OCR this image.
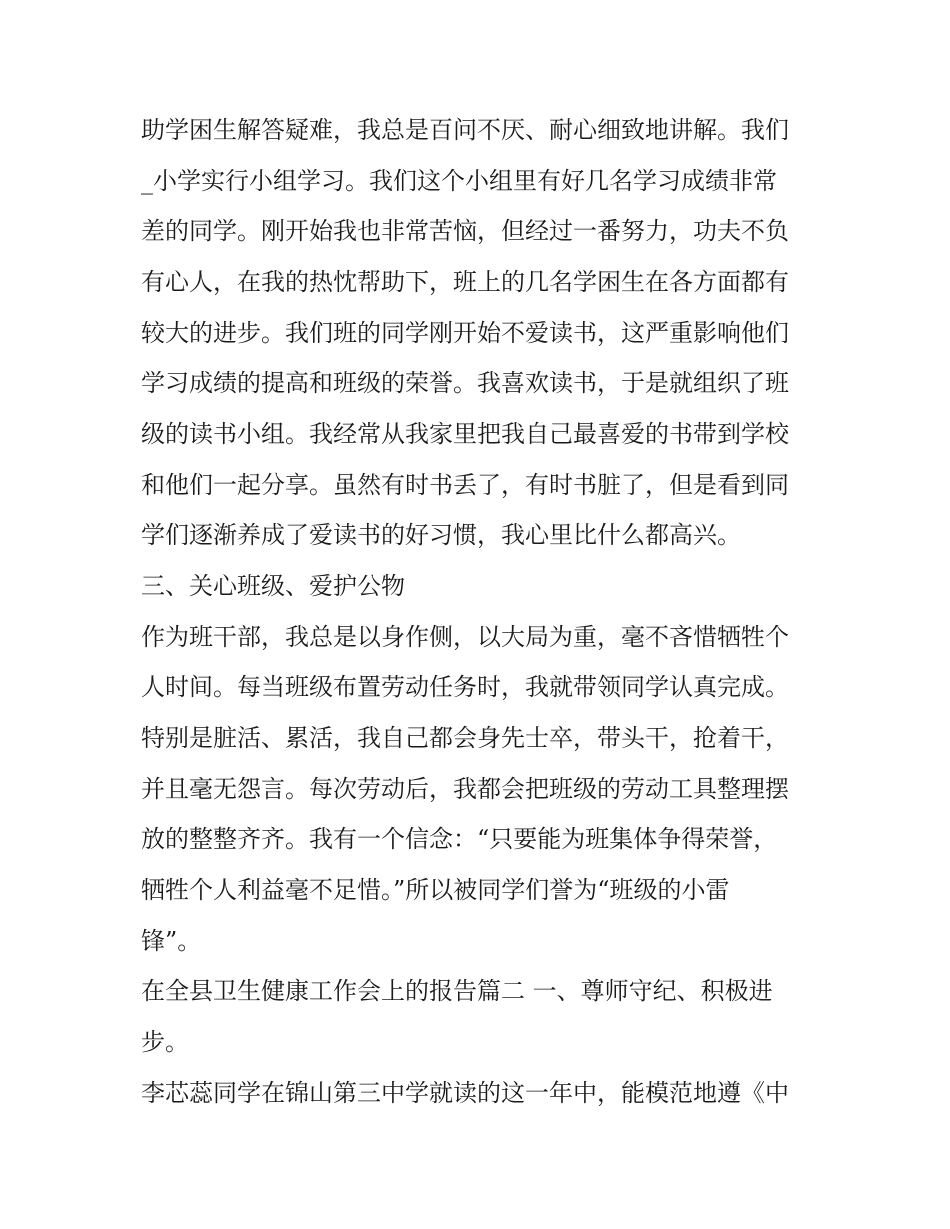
助学困生解答疑难，我总是百问不厌、耐心细致地讲解。我们

_小学实行小组学习。我们这个小组里有好几名学习成绩非常

差的同学。刚开始我也非常苦恼，但经过一番努力，功夫不负

有心人，在我的热忱帮助下，班上的几名学困生在各方面都有

较大的进步。我们班的同学刚开始不爱读书，这严重影响他们

学习成绩的提高和班级的荣誉。我喜欢读书，于是就组织了班

级的读书小组。我经常从我家里把我自己最喜爱的书带到学校

和他们一起分享。虽然有时书丢了，有时书脏了，但是看到同

学们逐渐养成了爱读书的好习惯，我心里比什么都高兴。

三、关心班级、爱护公物

作为班干部，我总是以身作侧，以大局为重，毫不吝惜牺牲个

人时间。每当班级布置劳动任务时，我就带领同学认真完成。

特别是脏活、累活，我自己都会身先士卒，带头干，抢着干，

并且毫无怨言。每次劳动后，我都会把班级的劳动工具整理摆

放的整整齐齐。我有一个信念：“只要能为班集体争得荣誉，

牺牲个人利益毫不足惜。”所以被同学们誉为“班级的小雷

锋”。

在全县卫生健康工作会上的报告篇二 一、尊师守纪、积极进

步。

李芯蕊同学在锦山第三中学就读的这一年中，能模范地遵《中
